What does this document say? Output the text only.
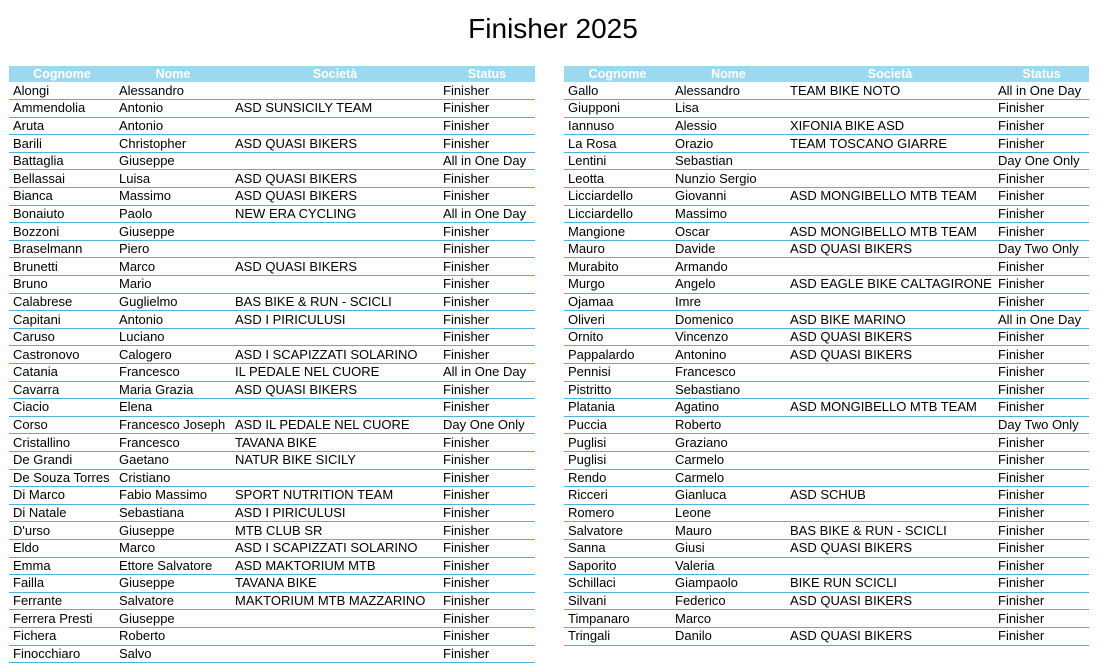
Finisher 2025
Cognome	Nome	Società	Status
Alongi	Alessandro		Finisher
Ammendolia	Antonio	ASD SUNSICILY TEAM	Finisher
Aruta	Antonio		Finisher
Barili	Christopher	ASD QUASI BIKERS	Finisher
Battaglia	Giuseppe		All in One Day
Bellassai	Luisa	ASD QUASI BIKERS	Finisher
Bianca	Massimo	ASD QUASI BIKERS	Finisher
Bonaiuto	Paolo	NEW ERA CYCLING	All in One Day
Bozzoni	Giuseppe		Finisher
Braselmann	Piero		Finisher
Brunetti	Marco	ASD QUASI BIKERS	Finisher
Bruno	Mario		Finisher
Calabrese	Guglielmo	BAS BIKE & RUN - SCICLI	Finisher
Capitani	Antonio	ASD I PIRICULUSI	Finisher
Caruso	Luciano		Finisher
Castronovo	Calogero	ASD I SCAPIZZATI SOLARINO	Finisher
Catania	Francesco	IL PEDALE NEL CUORE	All in One Day
Cavarra	Maria Grazia	ASD QUASI BIKERS	Finisher
Ciacio	Elena		Finisher
Corso	Francesco Joseph	ASD IL PEDALE NEL CUORE	Day One Only
Cristallino	Francesco	TAVANA BIKE	Finisher
De Grandi	Gaetano	NATUR BIKE SICILY	Finisher
De Souza Torres	Cristiano		Finisher
Di Marco	Fabio Massimo	SPORT NUTRITION TEAM	Finisher
Di Natale	Sebastiana	ASD I PIRICULUSI	Finisher
D'urso	Giuseppe	MTB CLUB SR	Finisher
Eldo	Marco	ASD I SCAPIZZATI SOLARINO	Finisher
Emma	Ettore Salvatore	ASD MAKTORIUM MTB	Finisher
Failla	Giuseppe	TAVANA BIKE	Finisher
Ferrante	Salvatore	MAKTORIUM MTB MAZZARINO	Finisher
Ferrera Presti	Giuseppe		Finisher
Fichera	Roberto		Finisher
Finocchiaro	Salvo		Finisher
Cognome	Nome	Società	Status
Gallo	Alessandro	TEAM BIKE NOTO	All in One Day
Giupponi	Lisa		Finisher
Iannuso	Alessio	XIFONIA BIKE ASD	Finisher
La Rosa	Orazio	TEAM TOSCANO GIARRE	Finisher
Lentini	Sebastian		Day One Only
Leotta	Nunzio Sergio		Finisher
Licciardello	Giovanni	ASD MONGIBELLO MTB TEAM	Finisher
Licciardello	Massimo		Finisher
Mangione	Oscar	ASD MONGIBELLO MTB TEAM	Finisher
Mauro	Davide	ASD QUASI BIKERS	Day Two Only
Murabito	Armando		Finisher
Murgo	Angelo	ASD EAGLE BIKE CALTAGIRONE	Finisher
Ojamaa	Imre		Finisher
Oliveri	Domenico	ASD BIKE MARINO	All in One Day
Ornito	Vincenzo	ASD QUASI BIKERS	Finisher
Pappalardo	Antonino	ASD QUASI BIKERS	Finisher
Pennisi	Francesco		Finisher
Pistritto	Sebastiano		Finisher
Platania	Agatino	ASD MONGIBELLO MTB TEAM	Finisher
Puccia	Roberto		Day Two Only
Puglisi	Graziano		Finisher
Puglisi	Carmelo		Finisher
Rendo	Carmelo		Finisher
Ricceri	Gianluca	ASD SCHUB	Finisher
Romero	Leone		Finisher
Salvatore	Mauro	BAS BIKE & RUN - SCICLI	Finisher
Sanna	Giusi	ASD QUASI BIKERS	Finisher
Saporito	Valeria		Finisher
Schillaci	Giampaolo	BIKE RUN SCICLI	Finisher
Silvani	Federico	ASD QUASI BIKERS	Finisher
Timpanaro	Marco		Finisher
Tringali	Danilo	ASD QUASI BIKERS	Finisher
